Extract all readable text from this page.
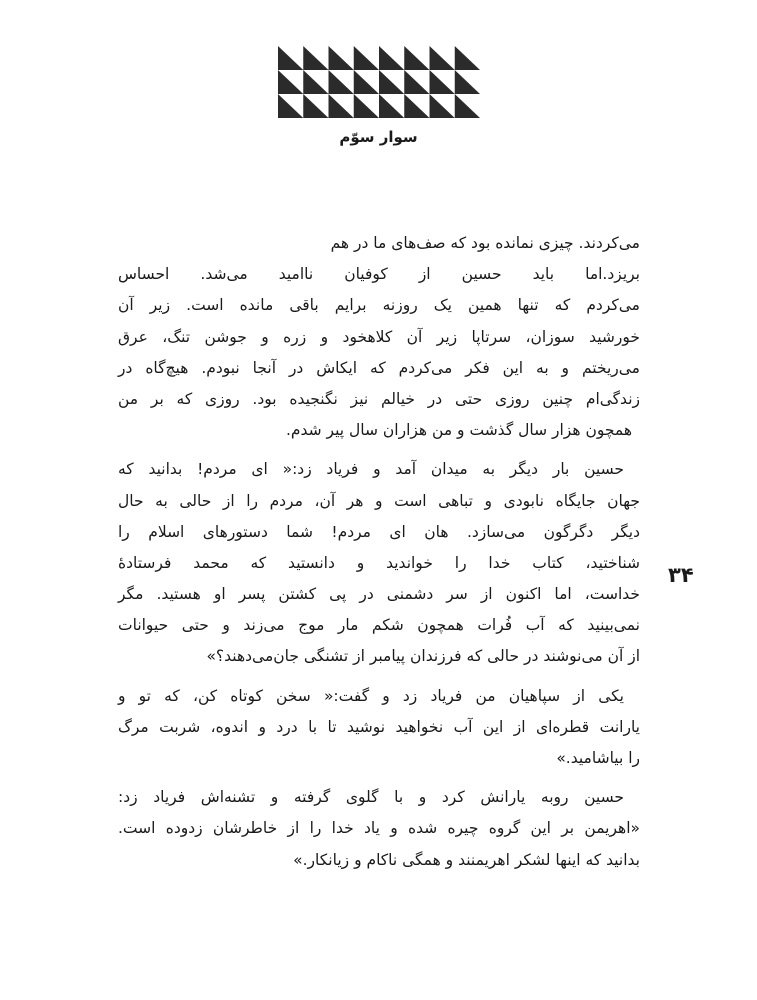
سوار سوّم
۳۴
می‌کردند. چیزی نمانده بود که صف‌های ما در هم
بریزد.اما باید حسین از کوفیان ناامید می‌شد. احساس
می‌کردم که تنها همین یک روزنه برایم باقی مانده است. زیر آن
خورشید سوزان، سرتاپا زیر آن کلاهخود و زره و جوشن تنگ، عرق
می‌ریختم و به این فکر می‌کردم که ایکاش در آنجا نبودم. هیچ‌گاه در
زندگی‌ام چنین روزی حتی در خیالم نیز نگنجیده بود. روزی که بر من
همچون هزار سال گذشت و من هزاران سال پیر شدم.
حسین بار دیگر به میدان آمد و فریاد زد:« ای مردم! بدانید که
جهان جایگاه نابودی و تباهی است و هر آن، مردم را از حالی به حال
دیگر دگرگون می‌سازد. هان ای مردم! شما دستورهای اسلام را
شناختید، کتاب خدا را خواندید و دانستید که محمد فرستادهٔ
خداست، اما اکنون از سر دشمنی در پی کشتن پسر او هستید. مگر
نمی‌بینید که آب فُرات همچون شکم مار موج می‌زند و حتی حیوانات
از آن می‌نوشند در حالی که فرزندان پیامبر از تشنگی جان‌می‌دهند؟»
یکی از سپاهیان من فریاد زد و گفت:« سخن کوتاه کن، که تو و
یارانت قطره‌ای از این آب نخواهید نوشید تا با درد و اندوه، شربت مرگ
را بیاشامید.»
حسین روبه یارانش کرد و با گلوی گرفته و تشنه‌اش فریاد زد:
«اهریمن بر این گروه چیره شده و یاد خدا را از خاطرشان زدوده است.
بدانید که اینها لشکر اهریمنند و همگی ناکام و زیانکار.»
